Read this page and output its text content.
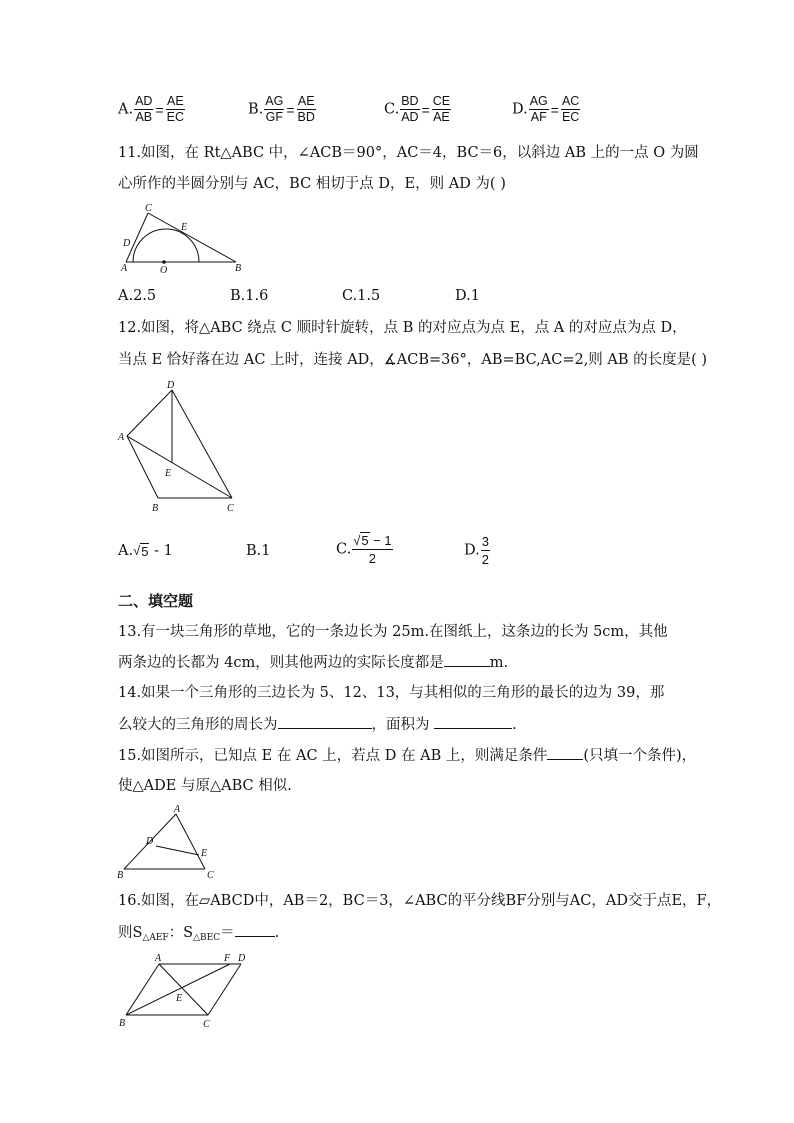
A. $\frac{AD}{AB} = \frac{AE}{EC}$	B. $\frac{AG}{GF} = \frac{AE}{BD}$	C. $\frac{BD}{AD} = \frac{CE}{AE}$	D. $\frac{AG}{AF} = \frac{AC}{EC}$
11.如图，在 Rt△ABC 中，∠ACB＝90°，AC＝4，BC＝6，以斜边 AB 上的一点 O 为圆
心所作的半圆分别与 AC，BC 相切于点 D，E，则 AD 为( )
A	B
C
D
E
O
A.2.5	B.1.6	C.1.5	D.1
12.如图，将△ABC 绕点 C 顺时针旋转，点 B 的对应点为点 E，点 A 的对应点为点 D，
当点 E 恰好落在边 AC 上时，连接 AD，∡ACB=36°，AB=BC,AC=2,则 AB 的长度是( )
D
A
E
B	C
A.√ 5 - 1	B.1	C. $\frac{√ 5 - 1}{2}$	D. $\frac{3}{2}$
二、填空题
13.有一块三角形的草地，它的一条边长为 25m.在图纸上，这条边的长为 5cm，其他
两条边的长都为 4cm，则其他两边的实际长度都是	m.
14.如果一个三角形的三边长为 5、12、13，与其相似的三角形的最长的边为 39，那
么较大的三角形的周长为	，面积为	.
15.如图所示，已知点 E 在 AC 上，若点 D 在 AB 上，则满足条件 (只填一个条件)，
使△ADE 与原△ABC 相似.
A
D
E
B	C
16.如图，在▱ABCD中，AB＝2，BC＝3，∠ABC的平分线BF分别与AC，AD交于点E，F，
则$S_{\triangle AEF}$：$S_{\triangle BEC}=$	.
A	F D
E
B	C
